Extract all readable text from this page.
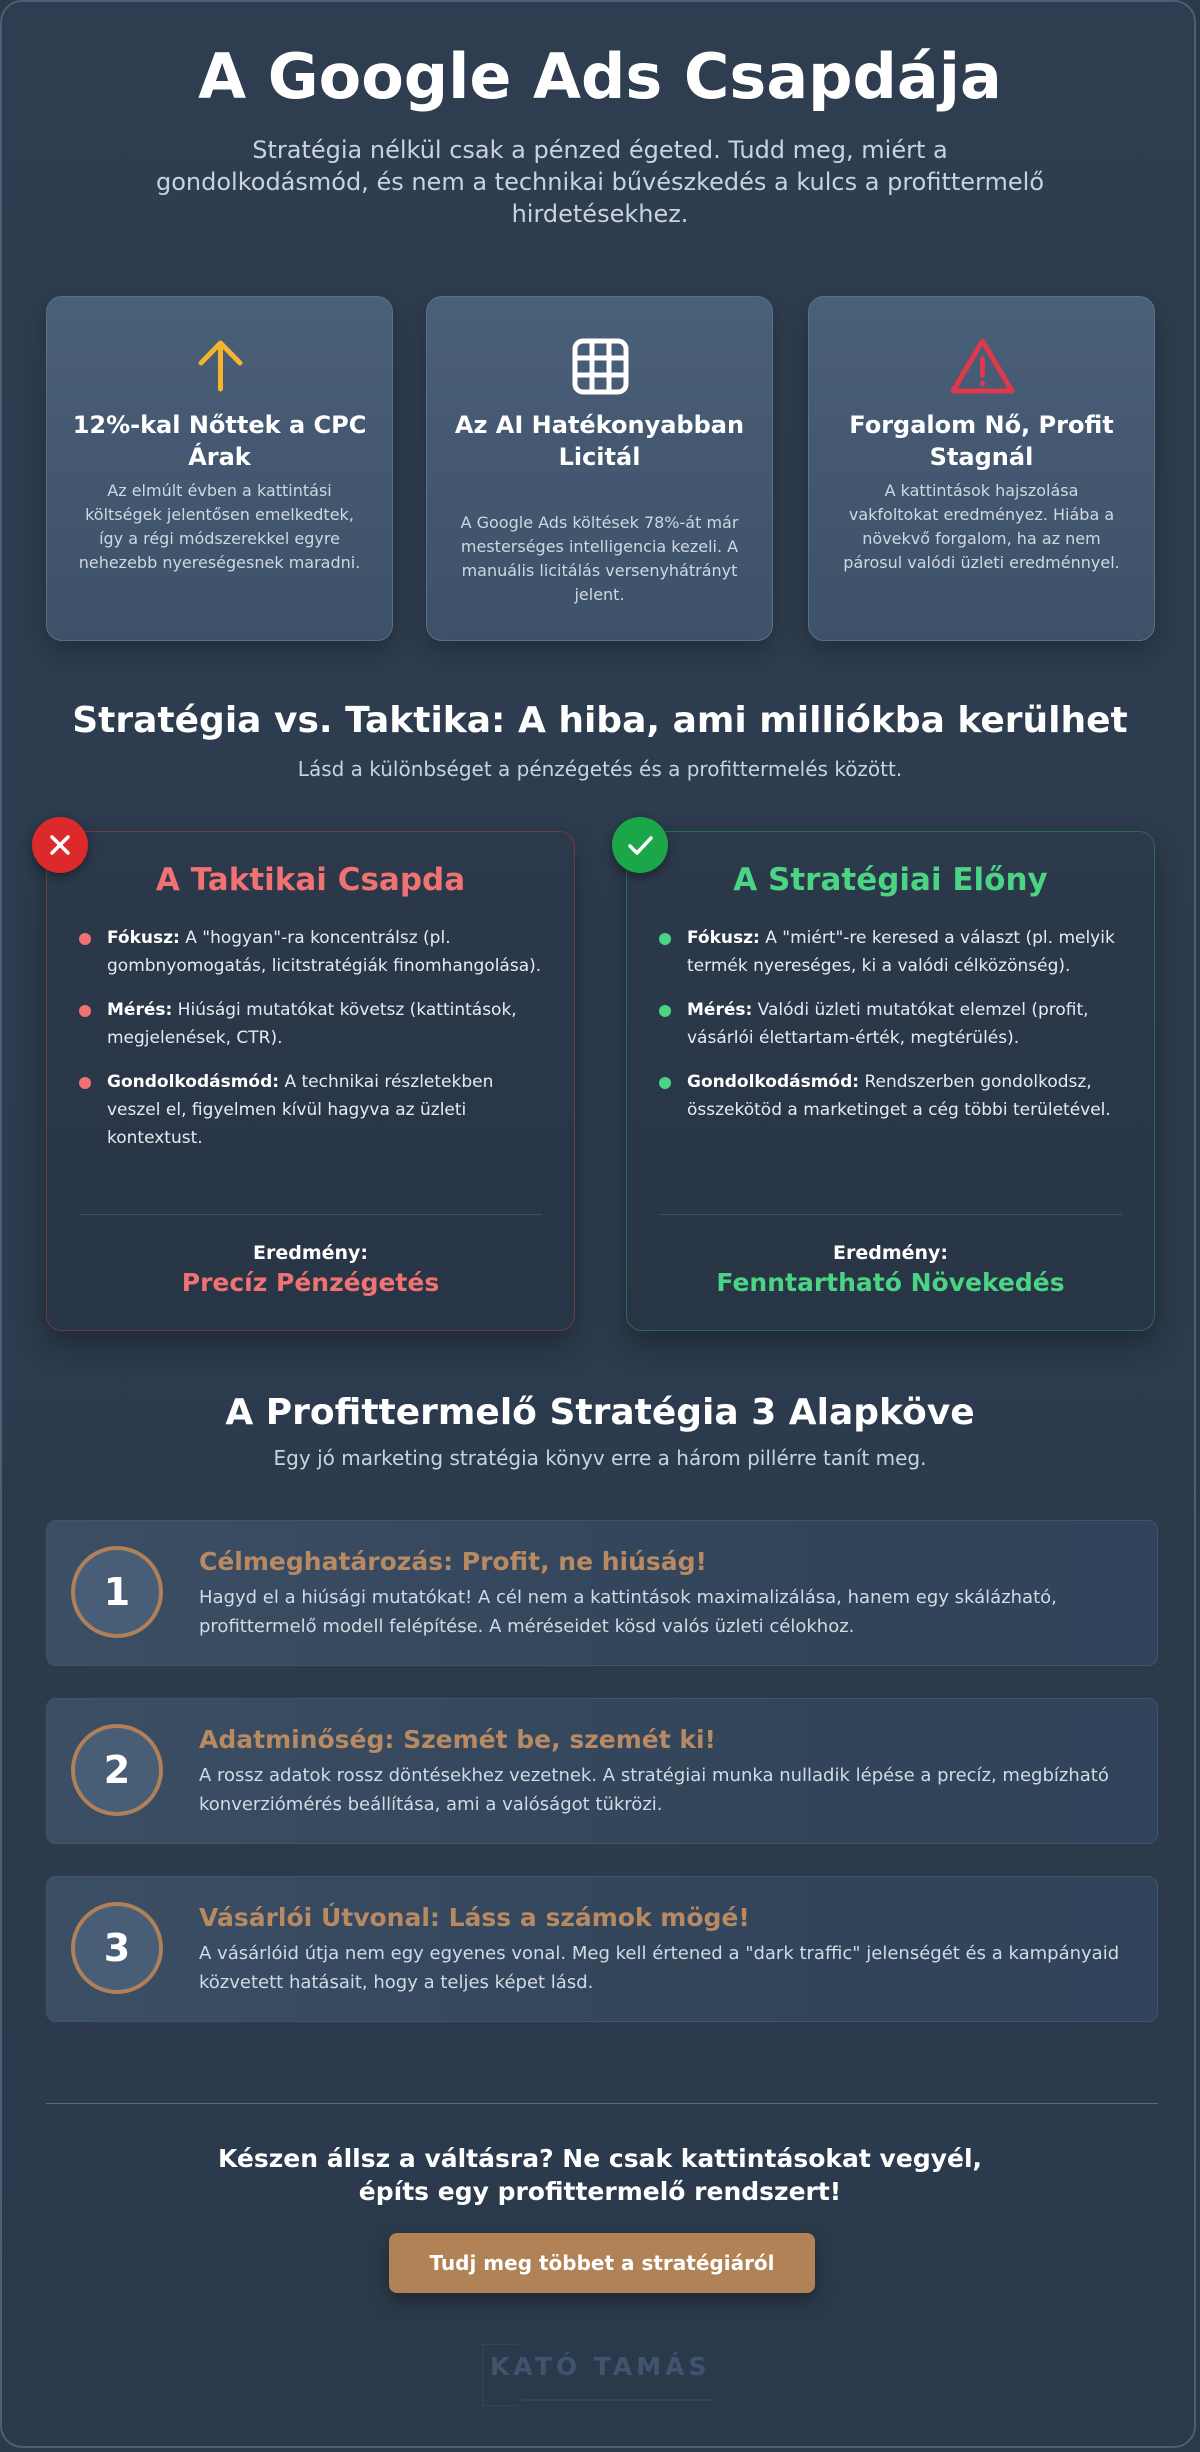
A Google Ads Csapdája
Stratégia nélkül csak a pénzed égeted. Tudd meg, miért a gondolkodásmód, és nem a technikai bűvészkedés a kulcs a profittermelő hirdetésekhez.
12%-kal Nőttek a CPC Árak
Az elmúlt évben a kattintási költségek jelentősen emelkedtek, így a régi módszerekkel egyre nehezebb nyereségesnek maradni.
Az AI Hatékonyabban Licitál
A Google Ads költések 78%-át már mesterséges intelligencia kezeli. A manuális licitálás versenyhátrányt jelent.
Forgalom Nő, Profit Stagnál
A kattintások hajszolása vakfoltokat eredményez. Hiába a növekvő forgalom, ha az nem párosul valódi üzleti eredménnyel.
Stratégia vs. Taktika: A hiba, ami milliókba kerülhet
Lásd a különbséget a pénzégetés és a profittermelés között.
A Taktikai Csapda
Fókusz: A "hogyan"-ra koncentrálsz (pl. gombnyomogatás, licitstratégiák finomhangolása).
Mérés: Hiúsági mutatókat követsz (kattintások, megjelenések, CTR).
Gondolkodásmód: A technikai részletekben veszel el, figyelmen kívül hagyva az üzleti kontextust.
Eredmény:
Precíz Pénzégetés
A Stratégiai Előny
Fókusz: A "miért"-re keresed a választ (pl. melyik termék nyereséges, ki a valódi célközönség).
Mérés: Valódi üzleti mutatókat elemzel (profit, vásárlói élettartam-érték, megtérülés).
Gondolkodásmód: Rendszerben gondolkodsz, összekötöd a marketinget a cég többi területével.
Eredmény:
Fenntartható Növekedés
A Profittermelő Stratégia 3 Alapköve
Egy jó marketing stratégia könyv erre a három pillérre tanít meg.
1
Célmeghatározás: Profit, ne hiúság!
Hagyd el a hiúsági mutatókat! A cél nem a kattintások maximalizálása, hanem egy skálázható, profittermelő modell felépítése. A méréseidet kösd valós üzleti célokhoz.
2
Adatminőség: Szemét be, szemét ki!
A rossz adatok rossz döntésekhez vezetnek. A stratégiai munka nulladik lépése a precíz, megbízható konverziómérés beállítása, ami a valóságot tükrözi.
3
Vásárlói Útvonal: Láss a számok mögé!
A vásárlóid útja nem egy egyenes vonal. Meg kell értened a "dark traffic" jelenségét és a kampányaid közvetett hatásait, hogy a teljes képet lásd.
Készen állsz a váltásra? Ne csak kattintásokat vegyél, építs egy profittermelő rendszert!
Tudj meg többet a stratégiáról
KATÓ TAMÁS
